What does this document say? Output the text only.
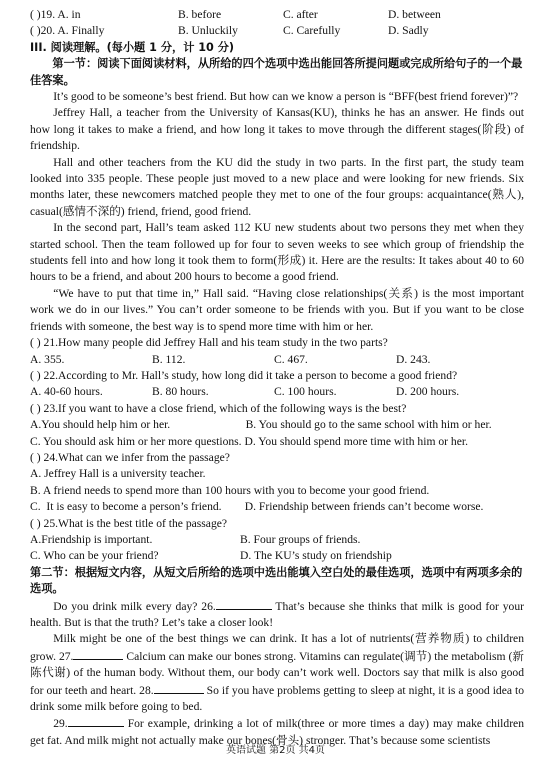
( )19. A. in	B. before	C. after	D. between
( )20. A. Finally	B. Unluckily	C. Carefully	D. Sadly
III. 阅读理解。(每小题 1 分，计 10 分)

第一节：阅读下面阅读材料，从所给的四个选项中选出能回答所提问题或完成所给句子的一个最佳答案。

It’s good to be someone’s best friend. But how can we know a person is “BFF(best friend forever)”?

Jeffrey Hall, a teacher from the University of Kansas(KU), thinks he has an answer. He finds out how long it takes to make a friend, and how long it takes to move through the different stages(阶段) of friendship.

Hall and other teachers from the KU did the study in two parts. In the first part, the study team looked into 335 people. These people just moved to a new place and were looking for new friends. Six months later, these newcomers matched people they met to one of the four groups: acquaintance(熟人), casual(感情不深的) friend, friend, good friend.

In the second part, Hall’s team asked 112 KU new students about two persons they met when they started school. Then the team followed up for four to seven weeks to see which group of friendship the students fell into and how long it took them to form(形成) it. Here are the results: It takes about 40 to 60 hours to be a friend, and about 200 hours to become a good friend.

“We have to put that time in,” Hall said. “Having close relationships(关系) is the most important work we do in our lives.” You can’t order someone to be friends with you. But if you want to be close friends with someone, the best way is to spend more time with him or her.

( ) 21.How many people did Jeffrey Hall and his team study in the two parts?
A. 355.	B. 112.	C. 467.	D. 243.
( ) 22.According to Mr. Hall’s study, how long did it take a person to become a good friend?
A. 40-60 hours.	B. 80 hours.	C. 100 hours.	D. 200 hours.
( ) 23.If you want to have a close friend, which of the following ways is the best?
A.You should help him or her.                          B. You should go to the same school with him or her.
C. You should ask him or her more questions. D. You should spend more time with him or her.
( ) 24.What can we infer from the passage?
A. Jeffrey Hall is a university teacher.
B. A friend needs to spend more than 100 hours with you to become your good friend.
C.  It is easy to become a person’s friend.        D. Friendship between friends can’t become worse.
( ) 25.What is the best title of the passage?
A.Friendship is important.	B. Four groups of friends.
C. Who can be your friend?	D. The KU’s study on friendship

第二节：根据短文内容，从短文后所给的选项中选出能填入空白处的最佳选项，选项中有两项多余的选项。

Do you drink milk every day? 26.	That’s because she thinks that milk is good for your health. But is that the truth? Let’s take a closer look!

Milk might be one of the best things we can drink. It has a lot of nutrients(营养物质) to children grow. 27.	Calcium can make our bones strong. Vitamins can regulate(调节) the metabolism (新陈代谢) of the human body. Without them, our body can’t work well. Doctors say that milk is also good for our teeth and heart. 28.	So if you have problems getting to sleep at night, it is a good idea to drink some milk before going to bed.

29.	For example, drinking a lot of milk(three or more times a day) may make children get fat. And milk might not actually make our bones(骨头) stronger. That’s because some scientists

英语试题 第2页 共4页
